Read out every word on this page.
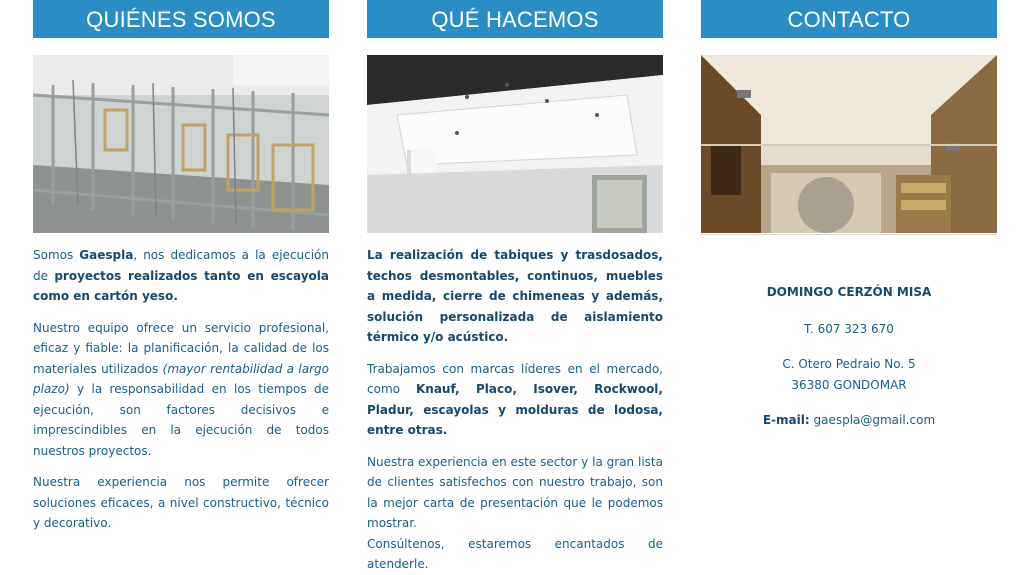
QUIÉNES SOMOS

Somos Gaespla, nos dedicamos a la ejecución de proyectos realizados tanto en escayola como en cartón yeso.

Nuestro equipo ofrece un servicio profesional, eficaz y fiable: la planificación, la calidad de los materiales utilizados (mayor rentabilidad a largo plazo) y la responsabilidad en los tiempos de ejecución, son factores decisivos e imprescindibles en la ejecución de todos nuestros proyectos.

Nuestra experiencia nos permite ofrecer soluciones eficaces, a nivel constructivo, técnico y decorativo.

QUÉ HACEMOS

La realización de tabiques y trasdosados, techos desmontables, continuos, muebles a medida, cierre de chimeneas y además, solución personalizada de aislamiento térmico y/o acústico.

Trabajamos con marcas líderes en el mercado, como Knauf, Placo, Isover, Rockwool, Pladur, escayolas y molduras de lodosa, entre otras.

Nuestra experiencia en este sector y la gran lista de clientes satisfechos con nuestro trabajo, son la mejor carta de presentación que le podemos mostrar.
Consúltenos, estaremos encantados de atenderle.

CONTACTO
DOMINGO CERZÓN MISA
T. 607 323 670
C. Otero Pedraio No. 5
36380 GONDOMAR
E-mail: gaespla@gmail.com
